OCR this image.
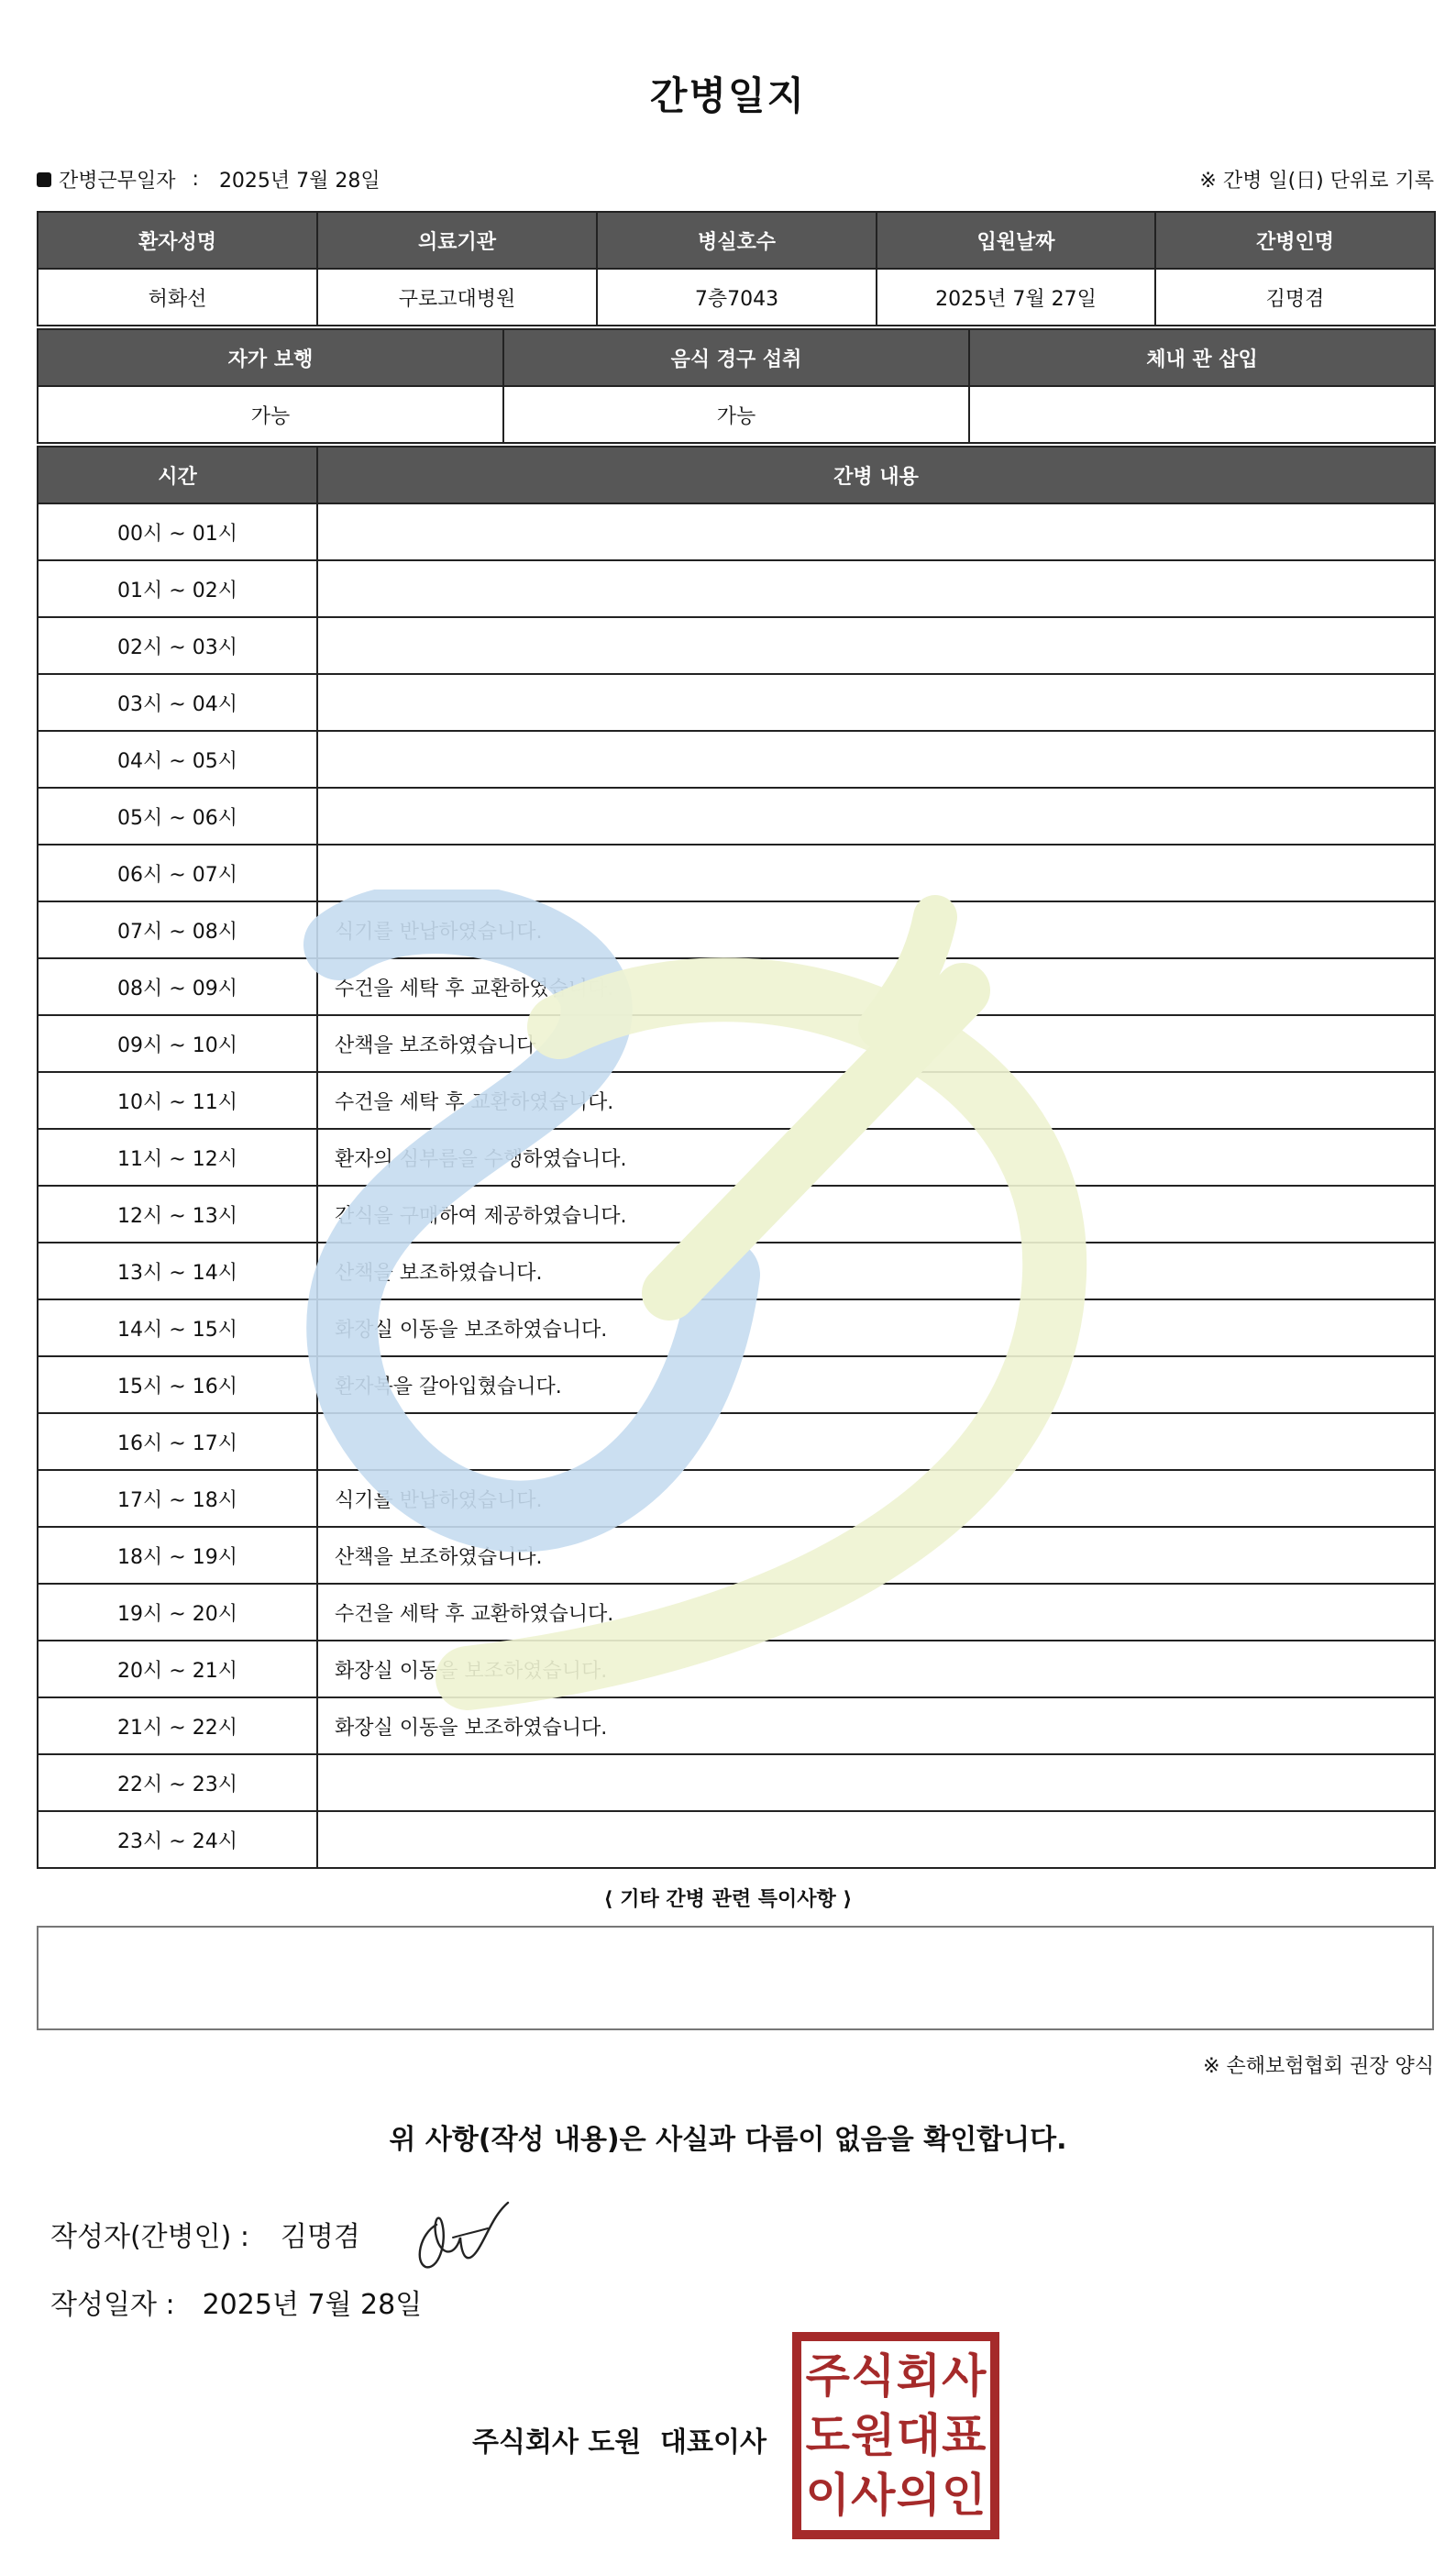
간병일지
간병근무일자 : 2025년 7월 28일	※ 간병 일(日) 단위로 기록
환자성명	의료기관	병실호수	입원날짜	간병인명
허화선	구로고대병원	7층7043	2025년 7월 27일	김명겸
자가 보행	음식 경구 섭취	체내 관 삽입
가능	가능	
시간	간병 내용
00시 ~ 01시	
01시 ~ 02시	
02시 ~ 03시	
03시 ~ 04시	
04시 ~ 05시	
05시 ~ 06시	
06시 ~ 07시	
07시 ~ 08시	식기를 반납하였습니다.
08시 ~ 09시	수건을 세탁 후 교환하였습니다.
09시 ~ 10시	산책을 보조하였습니다.
10시 ~ 11시	수건을 세탁 후 교환하였습니다.
11시 ~ 12시	환자의 심부름을 수행하였습니다.
12시 ~ 13시	간식을 구매하여 제공하였습니다.
13시 ~ 14시	산책을 보조하였습니다.
14시 ~ 15시	화장실 이동을 보조하였습니다.
15시 ~ 16시	환자복을 갈아입혔습니다.
16시 ~ 17시	
17시 ~ 18시	식기를 반납하였습니다.
18시 ~ 19시	산책을 보조하였습니다.
19시 ~ 20시	수건을 세탁 후 교환하였습니다.
20시 ~ 21시	화장실 이동을 보조하였습니다.
21시 ~ 22시	화장실 이동을 보조하였습니다.
22시 ~ 23시	
23시 ~ 24시	
⟨ 기타 간병 관련 특이사항 ⟩
※ 손해보험협회 권장 양식
위 사항(작성 내용)은 사실과 다름이 없음을 확인합니다.
작성자(간병인) : 김명겸
작성일자 : 2025년 7월 28일
주식회사 도원 대표이사
주 식 회 사
도 원 대 표
이 사 의 인
